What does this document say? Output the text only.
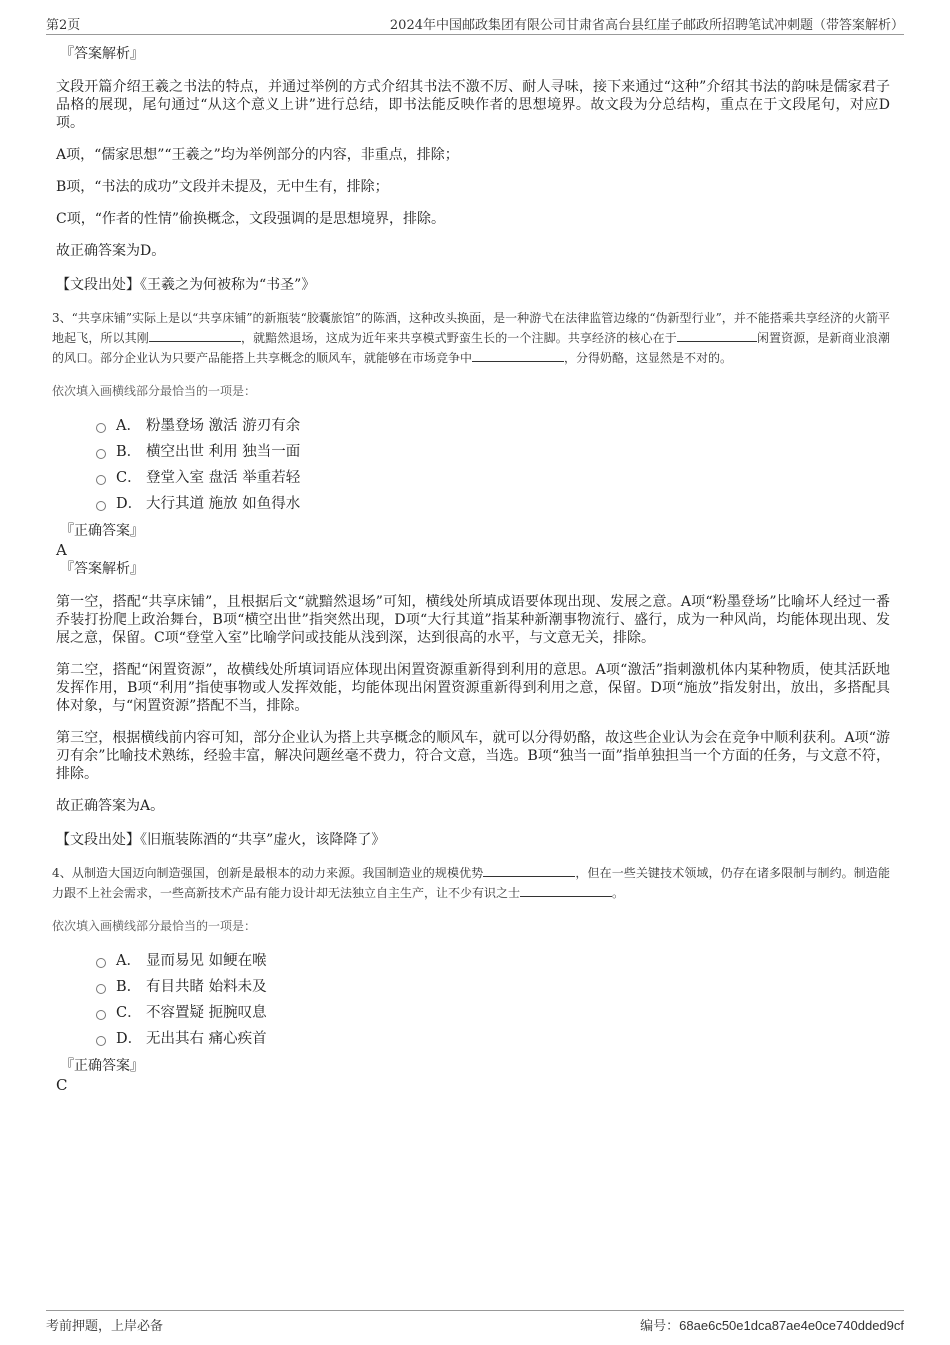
第2页	2024年中国邮政集团有限公司甘肃省高台县红崖子邮政所招聘笔试冲刺题（带答案解析）

『答案解析』

文段开篇介绍王羲之书法的特点，并通过举例的方式介绍其书法不激不厉、耐人寻味，接下来通过“这种”介绍其书法的韵味是儒家君子品格的展现，尾句通过“从这个意义上讲”进行总结，即书法能反映作者的思想境界。故文段为分总结构，重点在于文段尾句，对应D项。

A项，“儒家思想”“王羲之”均为举例部分的内容，非重点，排除；

B项，“书法的成功”文段并未提及，无中生有，排除；

C项，“作者的性情”偷换概念，文段强调的是思想境界，排除。

故正确答案为D。

【文段出处】《王羲之为何被称为“书圣”》

3、“共享床铺”实际上是以“共享床铺”的新瓶装“胶囊旅馆”的陈酒，这种改头换面，是一种游弋在法律监管边缘的“伪新型行业”，并不能搭乘共享经济的火箭平地起飞，所以其刚	，就黯然退场，这成为近年来共享模式野蛮生长的一个注脚。共享经济的核心在于	闲置资源，是新商业浪潮的风口。部分企业认为只要产品能搭上共享概念的顺风车，就能够在市场竞争中	，分得奶酪，这显然是不对的。

依次填入画横线部分最恰当的一项是：

A． 粉墨登场 激活 游刃有余
B． 横空出世 利用 独当一面
C． 登堂入室 盘活 举重若轻
D． 大行其道 施放 如鱼得水

『正确答案』

A

『答案解析』

第一空，搭配“共享床铺”，且根据后文“就黯然退场”可知，横线处所填成语要体现出现、发展之意。A项“粉墨登场”比喻坏人经过一番乔装打扮爬上政治舞台，B项“横空出世”指突然出现，D项“大行其道”指某种新潮事物流行、盛行，成为一种风尚，均能体现出现、发展之意，保留。C项“登堂入室”比喻学问或技能从浅到深，达到很高的水平，与文意无关，排除。

第二空，搭配“闲置资源”，故横线处所填词语应体现出闲置资源重新得到利用的意思。A项“激活”指刺激机体内某种物质，使其活跃地发挥作用，B项“利用”指使事物或人发挥效能，均能体现出闲置资源重新得到利用之意，保留。D项“施放”指发射出，放出，多搭配具体对象，与“闲置资源”搭配不当，排除。

第三空，根据横线前内容可知，部分企业认为搭上共享概念的顺风车，就可以分得奶酪，故这些企业认为会在竞争中顺利获利。A项“游刃有余”比喻技术熟练，经验丰富，解决问题丝毫不费力，符合文意，当选。B项“独当一面”指单独担当一个方面的任务，与文意不符，排除。

故正确答案为A。

【文段出处】《旧瓶装陈酒的“共享”虚火，该降降了》

4、从制造大国迈向制造强国，创新是最根本的动力来源。我国制造业的规模优势	，但在一些关键技术领域，仍存在诸多限制与制约。制造能力跟不上社会需求，一些高新技术产品有能力设计却无法独立自主生产，让不少有识之士	。

依次填入画横线部分最恰当的一项是：

A． 显而易见 如鲠在喉
B． 有目共睹 始料未及
C． 不容置疑 扼腕叹息
D． 无出其右 痛心疾首

『正确答案』

C

考前押题，上岸必备	编号：68ae6c50e1dca87ae4e0ce740dded9cf
